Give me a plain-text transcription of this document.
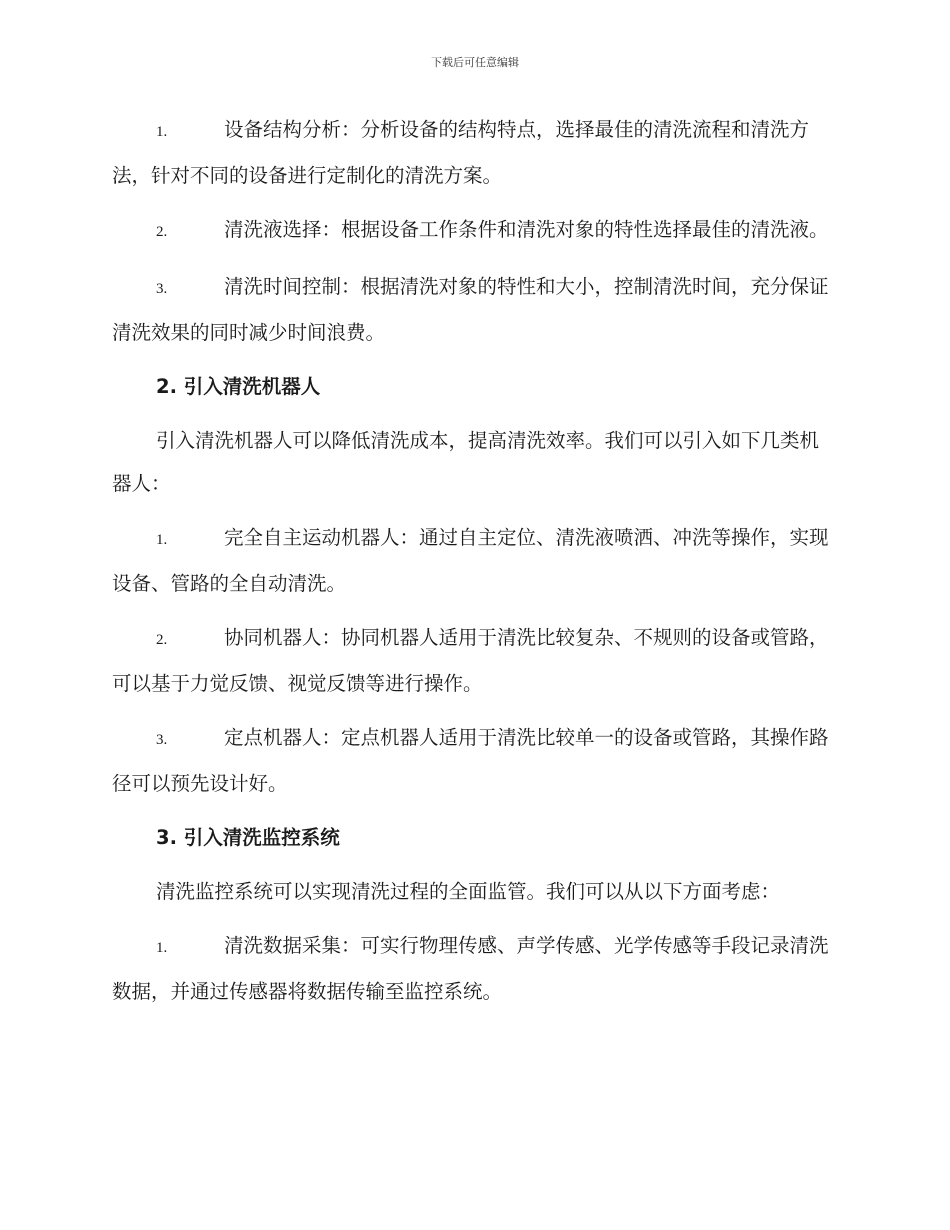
下载后可任意编辑

1.	设备结构分析：分析设备的结构特点，选择最佳的清洗流程和清洗方法，针对不同的设备进行定制化的清洗方案。

2.	清洗液选择：根据设备工作条件和清洗对象的特性选择最佳的清洗液。

3.	清洗时间控制：根据清洗对象的特性和大小，控制清洗时间，充分保证清洗效果的同时减少时间浪费。

2. 引入清洗机器人

引入清洗机器人可以降低清洗成本，提高清洗效率。我们可以引入如下几类机器人：

1.	完全自主运动机器人：通过自主定位、清洗液喷洒、冲洗等操作，实现设备、管路的全自动清洗。

2.	协同机器人：协同机器人适用于清洗比较复杂、不规则的设备或管路，可以基于力觉反馈、视觉反馈等进行操作。

3.	定点机器人：定点机器人适用于清洗比较单一的设备或管路，其操作路径可以预先设计好。

3. 引入清洗监控系统

清洗监控系统可以实现清洗过程的全面监管。我们可以从以下方面考虑：

1.	清洗数据采集：可实行物理传感、声学传感、光学传感等手段记录清洗数据，并通过传感器将数据传输至监控系统。
